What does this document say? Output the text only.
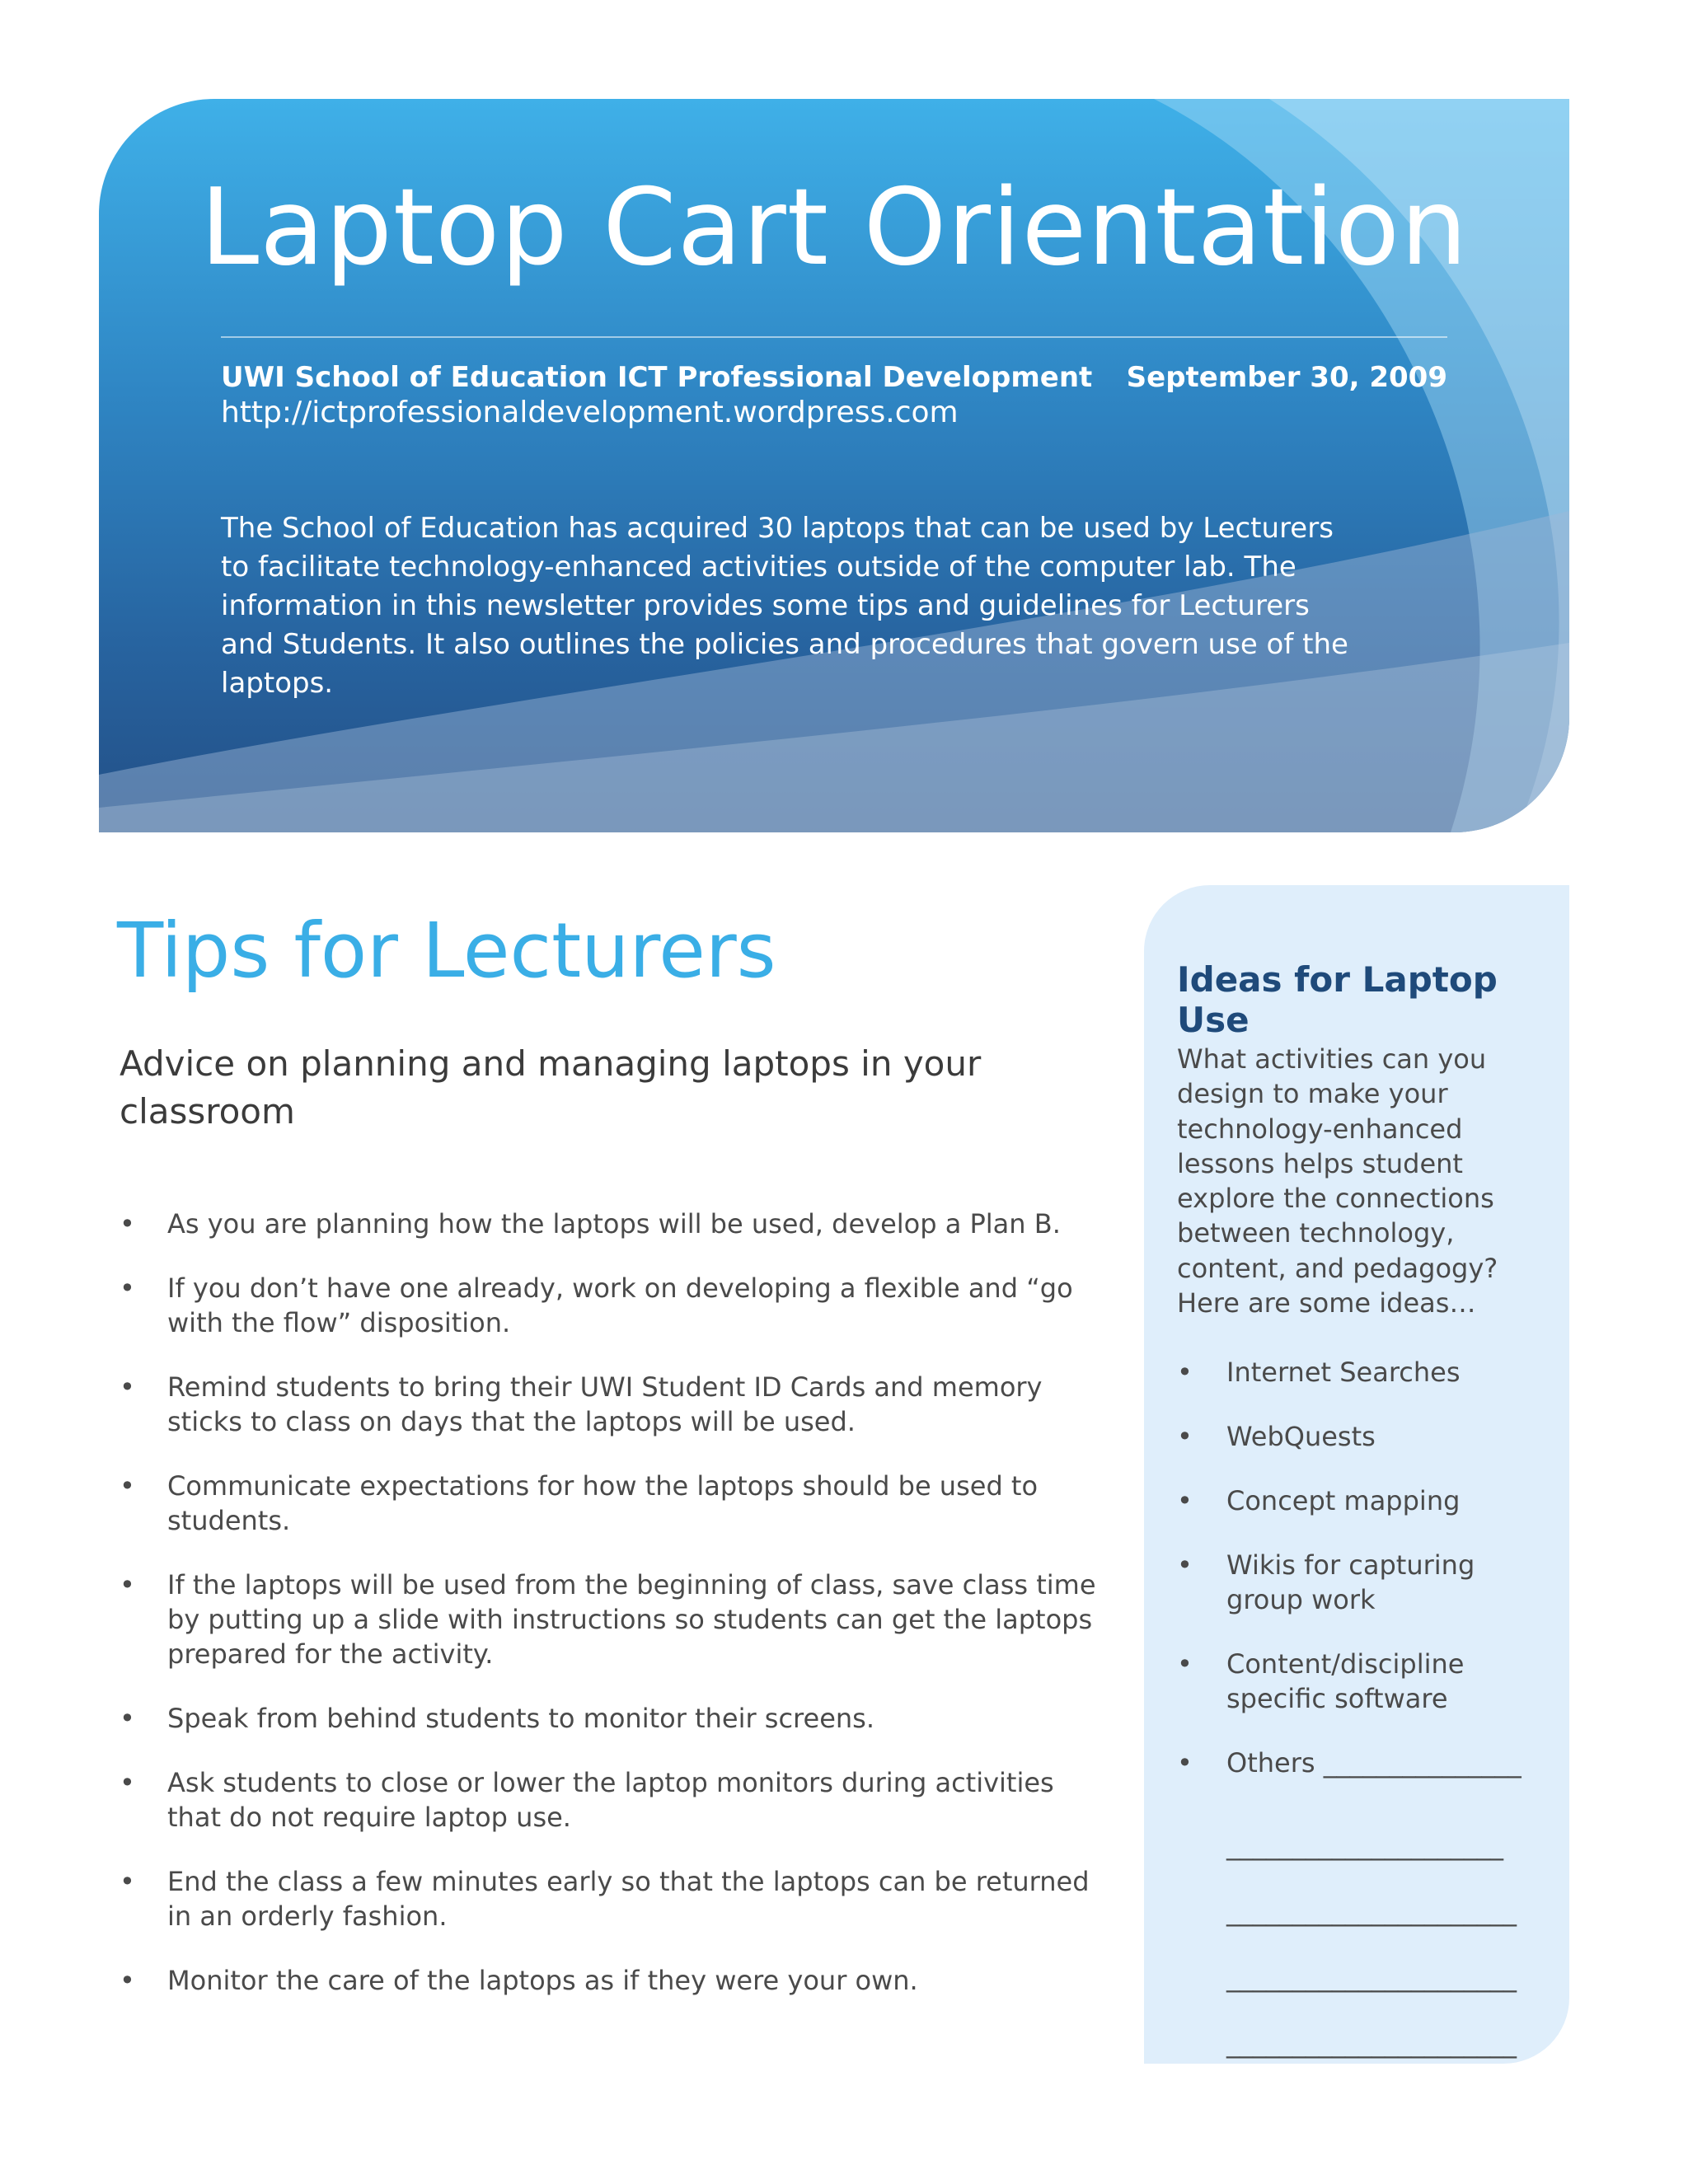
Laptop Cart Orientation
UWI School of Education ICT Professional Development September 30, 2009
http://ictprofessionaldevelopment.wordpress.com

The School of Education has acquired 30 laptops that can be used by Lecturers to facilitate technology-enhanced activities outside of the computer lab. The information in this newsletter provides some tips and guidelines for Lecturers and Students. It also outlines the policies and procedures that govern use of the laptops.

Tips for Lecturers
Advice on planning and managing laptops in your classroom
• As you are planning how the laptops will be used, develop a Plan B.
• If you don’t have one already, work on developing a flexible and “go with the flow” disposition.
• Remind students to bring their UWI Student ID Cards and memory sticks to class on days that the laptops will be used.
• Communicate expectations for how the laptops should be used to students.
• If the laptops will be used from the beginning of class, save class time by putting up a slide with instructions so students can get the laptops prepared for the activity.
• Speak from behind students to monitor their screens.
• Ask students to close or lower the laptop monitors during activities that do not require laptop use.
• End the class a few minutes early so that the laptops can be returned in an orderly fashion.
• Monitor the care of the laptops as if they were your own.
Ideas for Laptop Use

What activities can you design to make your technology-enhanced lessons helps student explore the connections between technology, content, and pedagogy? Here are some ideas…

• Internet Searches
• WebQuests
• Concept mapping
• Wikis for capturing group work
• Content/discipline specific software
• Others _______________
_____________________
______________________
______________________
______________________
